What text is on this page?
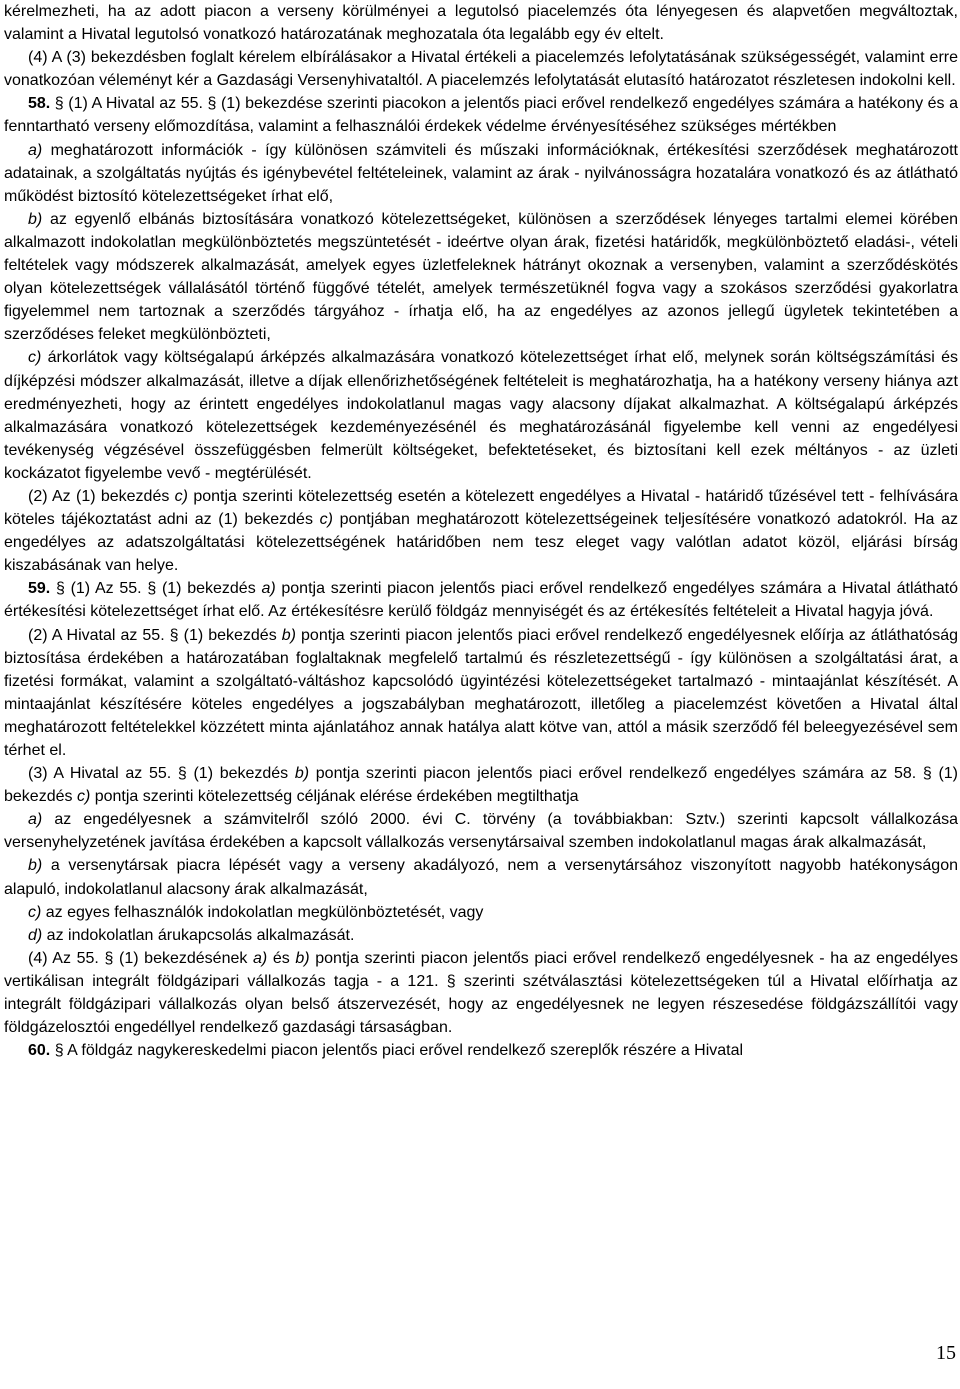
kérelmezheti, ha az adott piacon a verseny körülményei a legutolsó piacelemzés óta lényegesen és alapvetően megváltoztak, valamint a Hivatal legutolsó vonatkozó határozatának meghozatala óta legalább egy év eltelt.

(4) A (3) bekezdésben foglalt kérelem elbírálásakor a Hivatal értékeli a piacelemzés lefolytatásának szükségességét, valamint erre vonatkozóan véleményt kér a Gazdasági Versenyhivataltól. A piacelemzés lefolytatását elutasító határozatot részletesen indokolni kell.

58. § (1) A Hivatal az 55. § (1) bekezdése szerinti piacokon a jelentős piaci erővel rendelkező engedélyes számára a hatékony és a fenntartható verseny előmozdítása, valamint a felhasználói érdekek védelme érvényesítéséhez szükséges mértékben

a) meghatározott információk - így különösen számviteli és műszaki információknak, értékesítési szerződések meghatározott adatainak, a szolgáltatás nyújtás és igénybevétel feltételeinek, valamint az árak - nyilvánosságra hozatalára vonatkozó és az átlátható működést biztosító kötelezettségeket írhat elő,

b) az egyenlő elbánás biztosítására vonatkozó kötelezettségeket, különösen a szerződések lényeges tartalmi elemei körében alkalmazott indokolatlan megkülönböztetés megszüntetését - ideértve olyan árak, fizetési határidők, megkülönböztető eladási-, vételi feltételek vagy módszerek alkalmazását, amelyek egyes üzletfeleknek hátrányt okoznak a versenyben, valamint a szerződéskötés olyan kötelezettségek vállalásától történő függővé tételét, amelyek természetüknél fogva vagy a szokásos szerződési gyakorlatra figyelemmel nem tartoznak a szerződés tárgyához - írhatja elő, ha az engedélyes az azonos jellegű ügyletek tekintetében a szerződéses feleket megkülönbözteti,

c) árkorlátok vagy költségalapú árképzés alkalmazására vonatkozó kötelezettséget írhat elő, melynek során költségszámítási és díjképzési módszer alkalmazását, illetve a díjak ellenőrizhetőségének feltételeit is meghatározhatja, ha a hatékony verseny hiánya azt eredményezheti, hogy az érintett engedélyes indokolatlanul magas vagy alacsony díjakat alkalmazhat. A költségalapú árképzés alkalmazására vonatkozó kötelezettségek kezdeményezésénél és meghatározásánál figyelembe kell venni az engedélyesi tevékenység végzésével összefüggésben felmerült költségeket, befektetéseket, és biztosítani kell ezek méltányos - az üzleti kockázatot figyelembe vevő - megtérülését.

(2) Az (1) bekezdés c) pontja szerinti kötelezettség esetén a kötelezett engedélyes a Hivatal - határidő tűzésével tett - felhívására köteles tájékoztatást adni az (1) bekezdés c) pontjában meghatározott kötelezettségeinek teljesítésére vonatkozó adatokról. Ha az engedélyes az adatszolgáltatási kötelezettségének határidőben nem tesz eleget vagy valótlan adatot közöl, eljárási bírság kiszabásának van helye.

59. § (1) Az 55. § (1) bekezdés a) pontja szerinti piacon jelentős piaci erővel rendelkező engedélyes számára a Hivatal átlátható értékesítési kötelezettséget írhat elő. Az értékesítésre kerülő földgáz mennyiségét és az értékesítés feltételeit a Hivatal hagyja jóvá.

(2) A Hivatal az 55. § (1) bekezdés b) pontja szerinti piacon jelentős piaci erővel rendelkező engedélyesnek előírja az átláthatóság biztosítása érdekében a határozatában foglaltaknak megfelelő tartalmú és részletezettségű - így különösen a szolgáltatási árat, a fizetési formákat, valamint a szolgáltató-váltáshoz kapcsolódó ügyintézési kötelezettségeket tartalmazó - mintaajánlat készítését. A mintaajánlat készítésére köteles engedélyes a jogszabályban meghatározott, illetőleg a piacelemzést követően a Hivatal által meghatározott feltételekkel közzétett minta ajánlatához annak hatálya alatt kötve van, attól a másik szerződő fél beleegyezésével sem térhet el.

(3) A Hivatal az 55. § (1) bekezdés b) pontja szerinti piacon jelentős piaci erővel rendelkező engedélyes számára az 58. § (1) bekezdés c) pontja szerinti kötelezettség céljának elérése érdekében megtilthatja

a) az engedélyesnek a számvitelről szóló 2000. évi C. törvény (a továbbiakban: Sztv.) szerinti kapcsolt vállalkozása versenyhelyzetének javítása érdekében a kapcsolt vállalkozás versenytársaival szemben indokolatlanul magas árak alkalmazását,

b) a versenytársak piacra lépését vagy a verseny akadályozó, nem a versenytársához viszonyított nagyobb hatékonyságon alapuló, indokolatlanul alacsony árak alkalmazását,

c) az egyes felhasználók indokolatlan megkülönböztetését, vagy

d) az indokolatlan árukapcsolás alkalmazását.

(4) Az 55. § (1) bekezdésének a) és b) pontja szerinti piacon jelentős piaci erővel rendelkező engedélyesnek - ha az engedélyes vertikálisan integrált földgázipari vállalkozás tagja - a 121. § szerinti szétválasztási kötelezettségeken túl a Hivatal előírhatja az integrált földgázipari vállalkozás olyan belső átszervezését, hogy az engedélyesnek ne legyen részesedése földgázszállítói vagy földgázelosztói engedéllyel rendelkező gazdasági társaságban.

60. § A földgáz nagykereskedelmi piacon jelentős piaci erővel rendelkező szereplők részére a Hivatal

15
